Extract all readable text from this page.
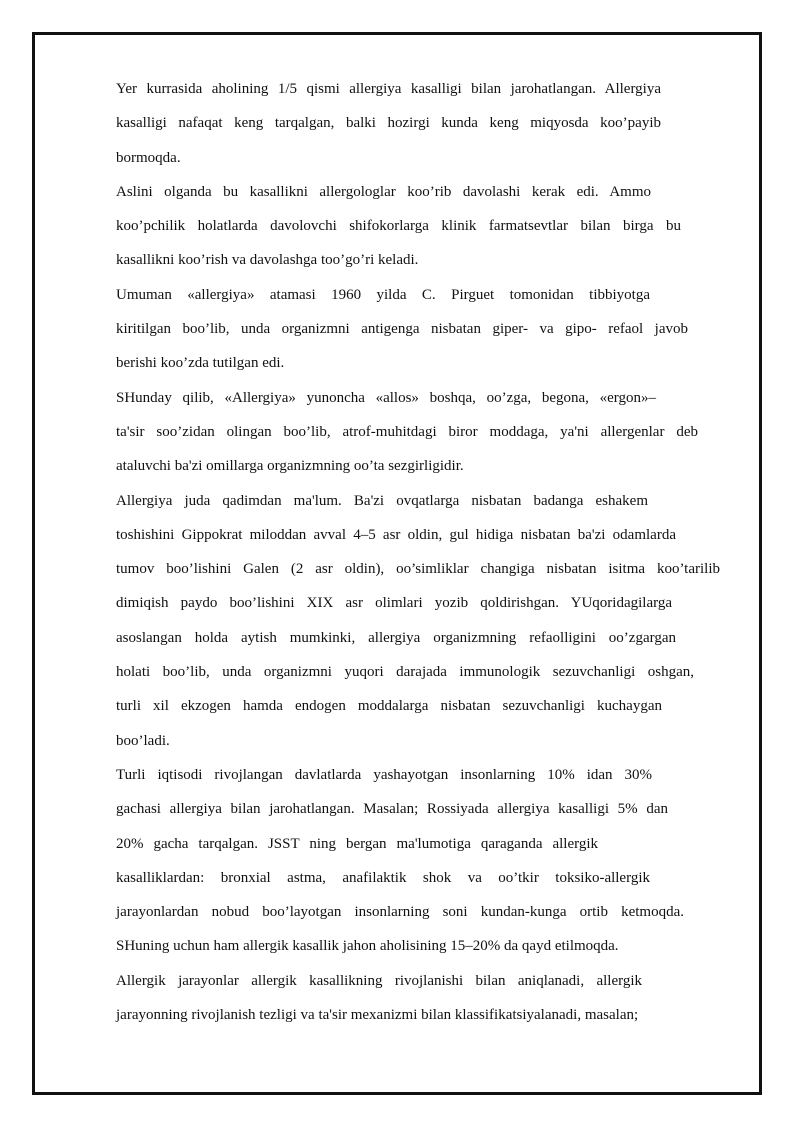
Yer kurrasida aholining 1/5 qismi allergiya kasalligi bilan jarohatlangan. Allergiya
kasalligi nafaqat keng tarqalgan, balki hozirgi kunda keng miqyosda koo’payib
bormoqda.
Aslini olganda bu kasallikni allergologlar koo’rib davolashi kerak edi. Ammo
koo’pchilik holatlarda davolovchi shifokorlarga klinik farmatsevtlar bilan birga bu
kasallikni koo’rish va davolashga too’go’ri keladi.
Umuman «allergiya» atamasi 1960 yilda C. Pirguet tomonidan tibbiyotga
kiritilgan boo’lib, unda organizmni antigenga nisbatan giper- va gipo- refaol javob
berishi koo’zda tutilgan edi.
SHunday qilib, «Allergiya» yunoncha «allos» boshqa, oo’zga, begona, «ergon»–
ta'sir soo’zidan olingan boo’lib, atrof-muhitdagi biror moddaga, ya'ni allergenlar deb
ataluvchi ba'zi omillarga organizmning oo’ta sezgirligidir.
Allergiya juda qadimdan ma'lum. Ba'zi ovqatlarga nisbatan badanga eshakem
toshishini Gippokrat miloddan avval 4–5 asr oldin, gul hidiga nisbatan ba'zi odamlarda
tumov boo’lishini Galen (2 asr oldin), oo’simliklar changiga nisbatan isitma koo’tarilib
dimiqish paydo boo’lishini XIX asr olimlari yozib qoldirishgan. YUqoridagilarga
asoslangan holda aytish mumkinki, allergiya organizmning refaolligini oo’zgargan
holati boo’lib, unda organizmni yuqori darajada immunologik sezuvchanligi oshgan,
turli xil ekzogen hamda endogen moddalarga nisbatan sezuvchanligi kuchaygan
boo’ladi.
Turli iqtisodi rivojlangan davlatlarda yashayotgan insonlarning 10% idan 30%
gachasi allergiya bilan jarohatlangan. Masalan; Rossiyada allergiya kasalligi 5% dan
20% gacha tarqalgan. JSST ning bergan ma'lumotiga qaraganda allergik
kasalliklardan: bronxial astma, anafilaktik shok va oo’tkir toksiko-allergik
jarayonlardan nobud boo’layotgan insonlarning soni kundan-kunga ortib ketmoqda.
SHuning uchun ham allergik kasallik jahon aholisining 15–20% da qayd etilmoqda.
Allergik jarayonlar allergik kasallikning rivojlanishi bilan aniqlanadi, allergik
jarayonning rivojlanish tezligi va ta'sir mexanizmi bilan klassifikatsiyalanadi, masalan;
